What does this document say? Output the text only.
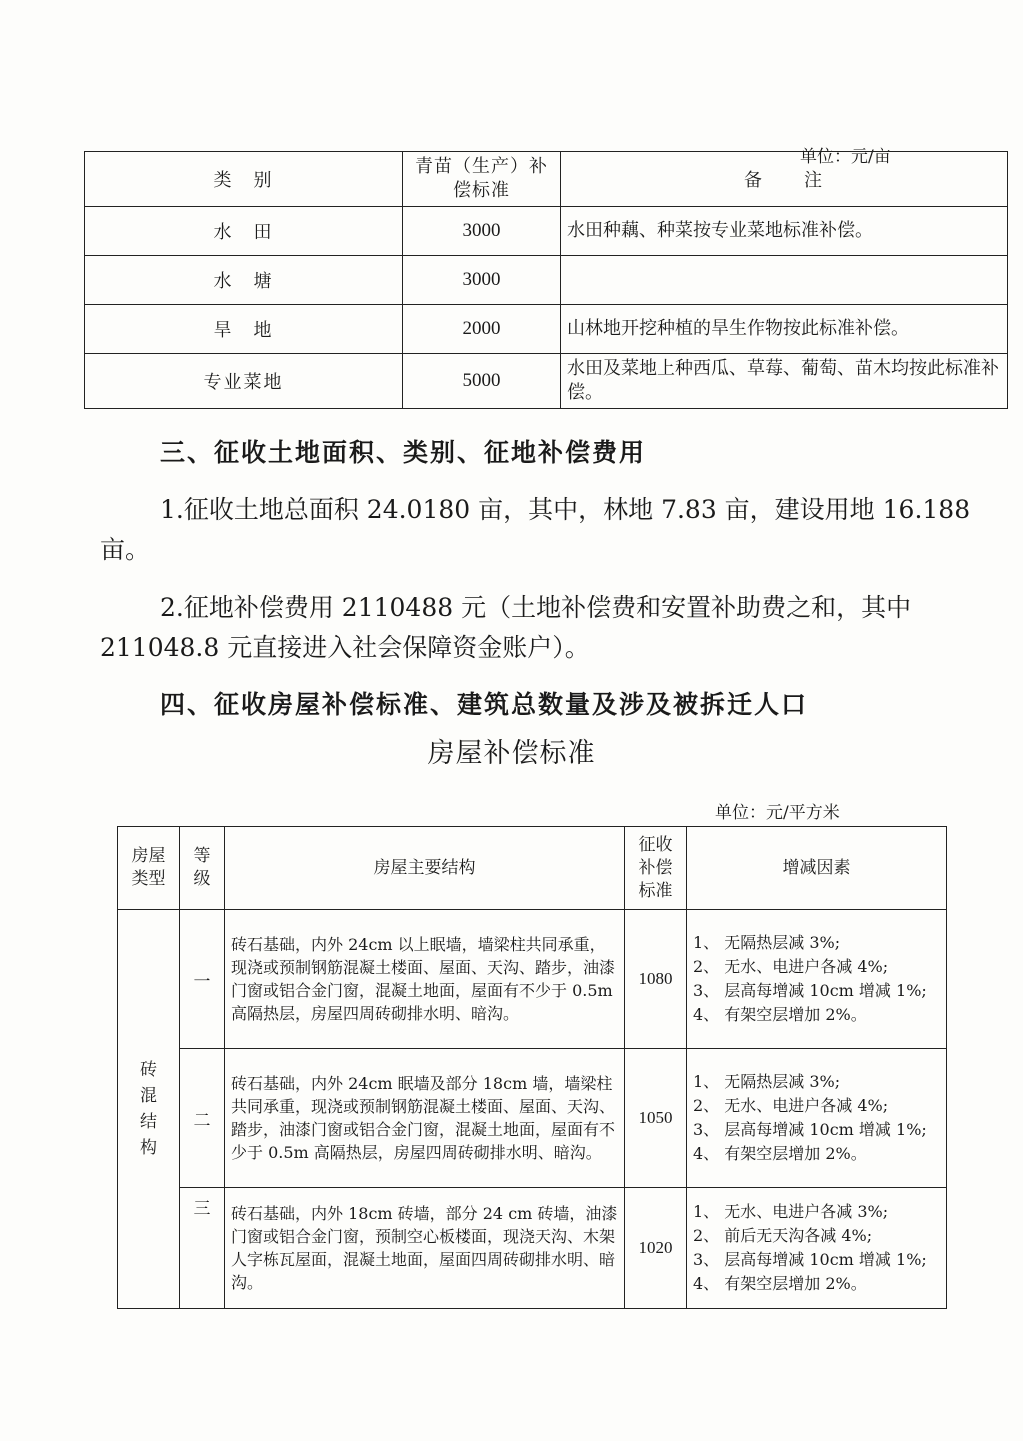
单位：元/亩
类　别	青苗（生产）补偿标准	备　　注
水　田	3000	水田种藕、种菜按专业菜地标准补偿。
水　塘	3000	
旱　地	2000	山林地开挖种植的旱生作物按此标准补偿。
专业菜地	5000	水田及菜地上种西瓜、草莓、葡萄、苗木均按此标准补偿。
三、征收土地面积、类别、征地补偿费用
1.征收土地总面积 24.0180 亩，其中，林地 7.83 亩，建设用地 16.188 亩。
2.征地补偿费用 2110488 元（土地补偿费和安置补助费之和，其中 211048.8 元直接进入社会保障资金账户）。
四、征收房屋补偿标准、建筑总数量及涉及被拆迁人口
房屋补偿标准
单位：元/平方米
房屋类型	等级	房屋主要结构	征收补偿标准	增减因素
砖混结构	一	砖石基础，内外 24cm 以上眠墙，墙梁柱共同承重，现浇或预制钢筋混凝土楼面、屋面、天沟、踏步，油漆门窗或铝合金门窗，混凝土地面，屋面有不少于 0.5m 高隔热层，房屋四周砖砌排水明、暗沟。	1080	1、 无隔热层减 3%;
2、 无水、电进户各减 4%;
3、 层高每增减 10cm 增减 1%;
4、 有架空层增加 2%。

	二	砖石基础，内外 24cm 眠墙及部分 18cm 墙，墙梁柱共同承重，现浇或预制钢筋混凝土楼面、屋面、天沟、踏步，油漆门窗或铝合金门窗，混凝土地面，屋面有不少于 0.5m 高隔热层，房屋四周砖砌排水明、暗沟。	1050	1、 无隔热层减 3%;
2、 无水、电进户各减 4%;
3、 层高每增减 10cm 增减 1%;
4、 有架空层增加 2%。

	三	砖石基础，内外 18cm 砖墙，部分 24 cm 砖墙，油漆门窗或铝合金门窗，预制空心板楼面，现浇天沟、木架人字栋瓦屋面，混凝土地面，屋面四周砖砌排水明、暗沟。	1020	1、 无水、电进户各减 3%;
2、 前后无天沟各减 4%;
3、 层高每增减 10cm 增减 1%;
4、 有架空层增加 2%。
